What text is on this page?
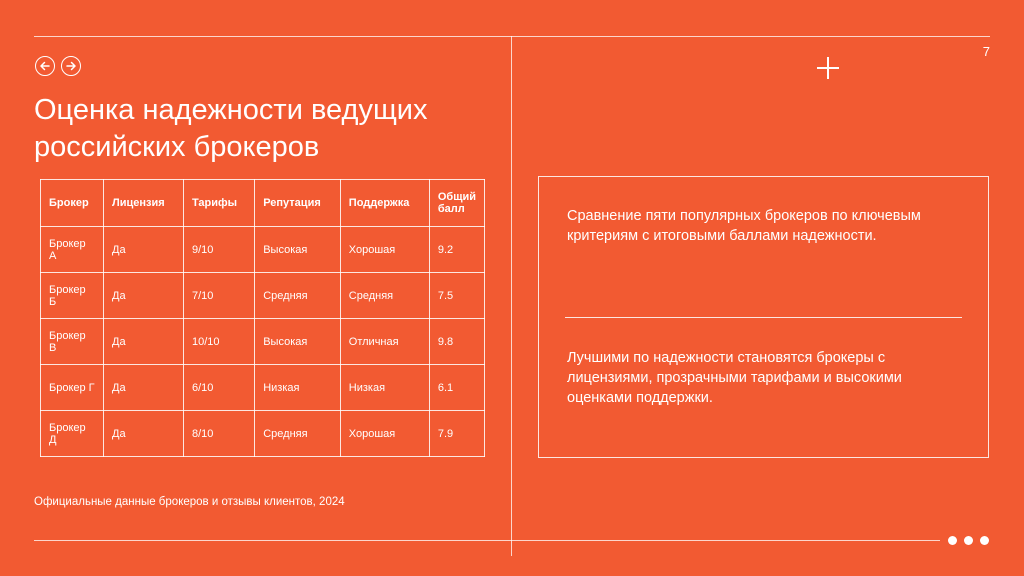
7
Оценка надежности ведущих российских брокеров
Брокер	Лицензия	Тарифы	Репутация	Поддержка	Общий балл
Брокер А	Да	9/10	Высокая	Хорошая	9.2
Брокер Б	Да	7/10	Средняя	Средняя	7.5
Брокер В	Да	10/10	Высокая	Отличная	9.8
Брокер Г	Да	6/10	Низкая	Низкая	6.1
Брокер Д	Да	8/10	Средняя	Хорошая	7.9

Сравнение пяти популярных брокеров по ключевым критериям с итоговыми баллами надежности.

Лучшими по надежности становятся брокеры с лицензиями, прозрачными тарифами и высокими оценками поддержки.

Официальные данные брокеров и отзывы клиентов, 2024
